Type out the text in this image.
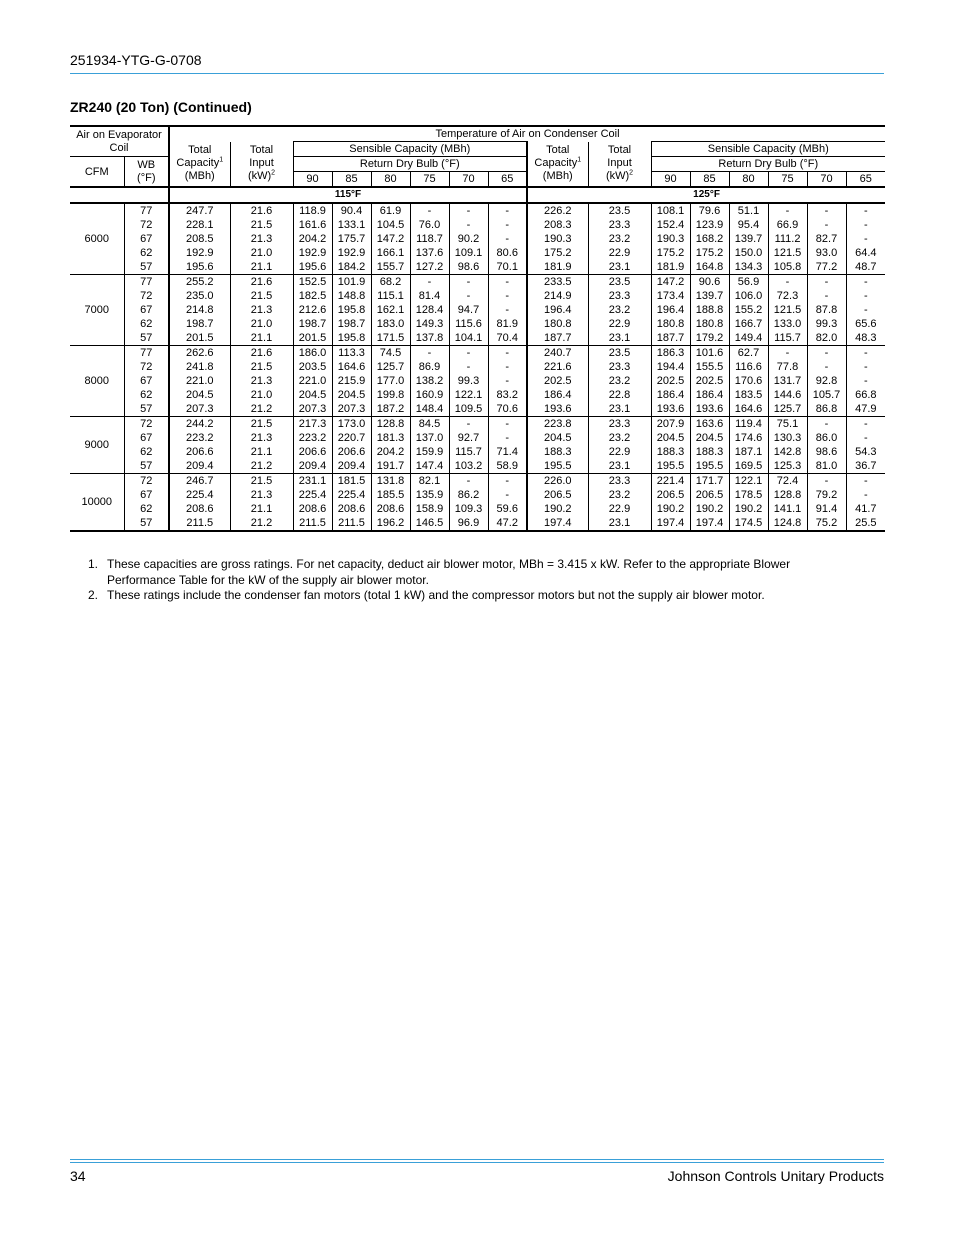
251934-YTG-G-0708
ZR240 (20 Ton) (Continued)
Air on Evaporator Coil		Temperature of Air on Condenser Coil															
		Total
Capacity$^1$
(MBh)	Total
Input
(kW)$^2$	Sensible Capacity (MBh)						Total
Capacity$^1$
(MBh)	Total
Input
(kW)$^2$	Sensible Capacity (MBh)					
CFM	WB
(°F)			Return Dry Bulb (°F)								Return Dry Bulb (°F)					
				90	85	80	75	70	65			90	85	80	75	70	65
		115°F								125°F							
6000	77	247.7	21.6	118.9	90.4	61.9	-	-	-	226.2	23.5	108.1	79.6	51.1	-	-	-
	72	228.1	21.5	161.6	133.1	104.5	76.0	-	-	208.3	23.3	152.4	123.9	95.4	66.9	-	-
	67	208.5	21.3	204.2	175.7	147.2	118.7	90.2	-	190.3	23.2	190.3	168.2	139.7	111.2	82.7	-
	62	192.9	21.0	192.9	192.9	166.1	137.6	109.1	80.6	175.2	22.9	175.2	175.2	150.0	121.5	93.0	64.4
	57	195.6	21.1	195.6	184.2	155.7	127.2	98.6	70.1	181.9	23.1	181.9	164.8	134.3	105.8	77.2	48.7
7000	77	255.2	21.6	152.5	101.9	68.2	-	-	-	233.5	23.5	147.2	90.6	56.9	-	-	-
	72	235.0	21.5	182.5	148.8	115.1	81.4	-	-	214.9	23.3	173.4	139.7	106.0	72.3	-	-
	67	214.8	21.3	212.6	195.8	162.1	128.4	94.7	-	196.4	23.2	196.4	188.8	155.2	121.5	87.8	-
	62	198.7	21.0	198.7	198.7	183.0	149.3	115.6	81.9	180.8	22.9	180.8	180.8	166.7	133.0	99.3	65.6
	57	201.5	21.1	201.5	195.8	171.5	137.8	104.1	70.4	187.7	23.1	187.7	179.2	149.4	115.7	82.0	48.3
8000	77	262.6	21.6	186.0	113.3	74.5	-	-	-	240.7	23.5	186.3	101.6	62.7	-	-	-
	72	241.8	21.5	203.5	164.6	125.7	86.9	-	-	221.6	23.3	194.4	155.5	116.6	77.8	-	-
	67	221.0	21.3	221.0	215.9	177.0	138.2	99.3	-	202.5	23.2	202.5	202.5	170.6	131.7	92.8	-
	62	204.5	21.0	204.5	204.5	199.8	160.9	122.1	83.2	186.4	22.8	186.4	186.4	183.5	144.6	105.7	66.8
	57	207.3	21.2	207.3	207.3	187.2	148.4	109.5	70.6	193.6	23.1	193.6	193.6	164.6	125.7	86.8	47.9
9000	72	244.2	21.5	217.3	173.0	128.8	84.5	-	-	223.8	23.3	207.9	163.6	119.4	75.1	-	-
	67	223.2	21.3	223.2	220.7	181.3	137.0	92.7	-	204.5	23.2	204.5	204.5	174.6	130.3	86.0	-
	62	206.6	21.1	206.6	206.6	204.2	159.9	115.7	71.4	188.3	22.9	188.3	188.3	187.1	142.8	98.6	54.3
	57	209.4	21.2	209.4	209.4	191.7	147.4	103.2	58.9	195.5	23.1	195.5	195.5	169.5	125.3	81.0	36.7
10000	72	246.7	21.5	231.1	181.5	131.8	82.1	-	-	226.0	23.3	221.4	171.7	122.1	72.4	-	-
	67	225.4	21.3	225.4	225.4	185.5	135.9	86.2	-	206.5	23.2	206.5	206.5	178.5	128.8	79.2	-
	62	208.6	21.1	208.6	208.6	208.6	158.9	109.3	59.6	190.2	22.9	190.2	190.2	190.2	141.1	91.4	41.7
	57	211.5	21.2	211.5	211.5	196.2	146.5	96.9	47.2	197.4	23.1	197.4	197.4	174.5	124.8	75.2	25.5

1. These capacities are gross ratings. For net capacity, deduct air blower motor, MBh = 3.415 x kW. Refer to the appropriate Blower Performance Table for the kW of the supply air blower motor.

2. These ratings include the condenser fan motors (total 1 kW) and the compressor motors but not the supply air blower motor.

34	Johnson Controls Unitary Products
